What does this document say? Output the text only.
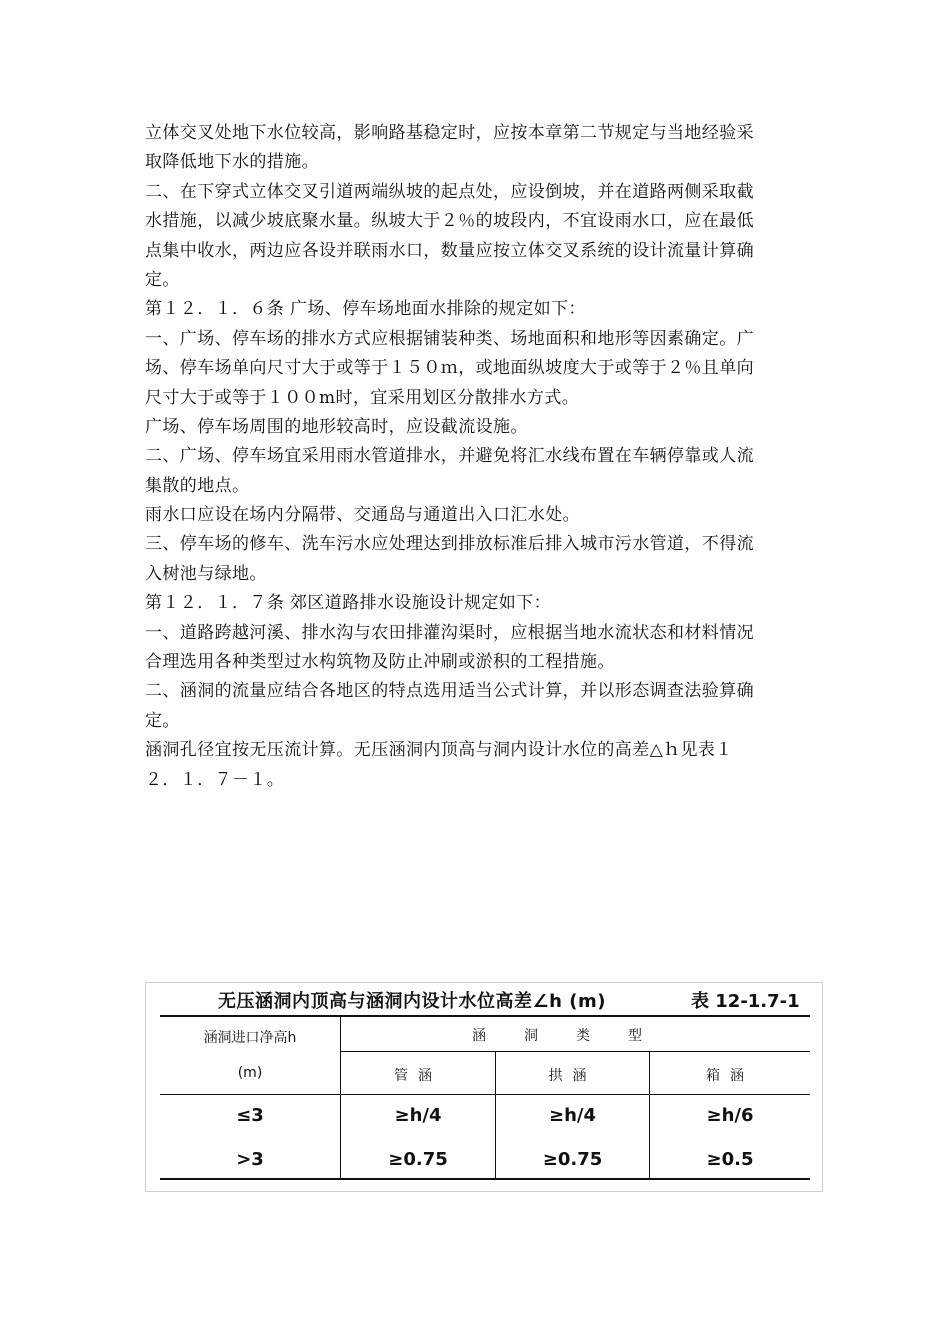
立体交叉处地下水位较高，影响路基稳定时，应按本章第二节规定与当地经验采

取降低地下水的措施。

二、在下穿式立体交叉引道两端纵坡的起点处，应设倒坡，并在道路两侧采取截

水措施，以减少坡底聚水量。纵坡大于２％的坡段内，不宜设雨水口，应在最低

点集中收水，两边应各设并联雨水口，数量应按立体交叉系统的设计流量计算确

定。

第１２．１．６条 广场、停车场地面水排除的规定如下：

一、广场、停车场的排水方式应根据铺装种类、场地面积和地形等因素确定。广

场、停车场单向尺寸大于或等于１５０ｍ，或地面纵坡度大于或等于２％且单向

尺寸大于或等于１００m时，宜采用划区分散排水方式。

广场、停车场周围的地形较高时，应设截流设施。

二、广场、停车场宜采用雨水管道排水，并避免将汇水线布置在车辆停靠或人流

集散的地点。

雨水口应设在场内分隔带、交通岛与通道出入口汇水处。

三、停车场的修车、洗车污水应处理达到排放标准后排入城市污水管道，不得流

入树池与绿地。

第１２．１．７条 郊区道路排水设施设计规定如下：

一、道路跨越河溪、排水沟与农田排灌沟渠时，应根据当地水流状态和材料情况

合理选用各种类型过水构筑物及防止冲刷或淤积的工程措施。

二、涵洞的流量应结合各地区的特点选用适当公式计算，并以形态调查法验算确

定。

涵洞孔径宜按无压流计算。无压涵洞内顶高与洞内设计水位的高差△ｈ见表１

２．１．７－１。

无压涵洞内顶高与涵洞内设计水位高差∠h (m)	表 12-1.7-1
涵洞进口净高h
(m)
涵洞类型
管涵	拱涵	箱涵
≤3	≥h/4	≥h/4	≥h/6
>3	≥0.75	≥0.75	≥0.5
